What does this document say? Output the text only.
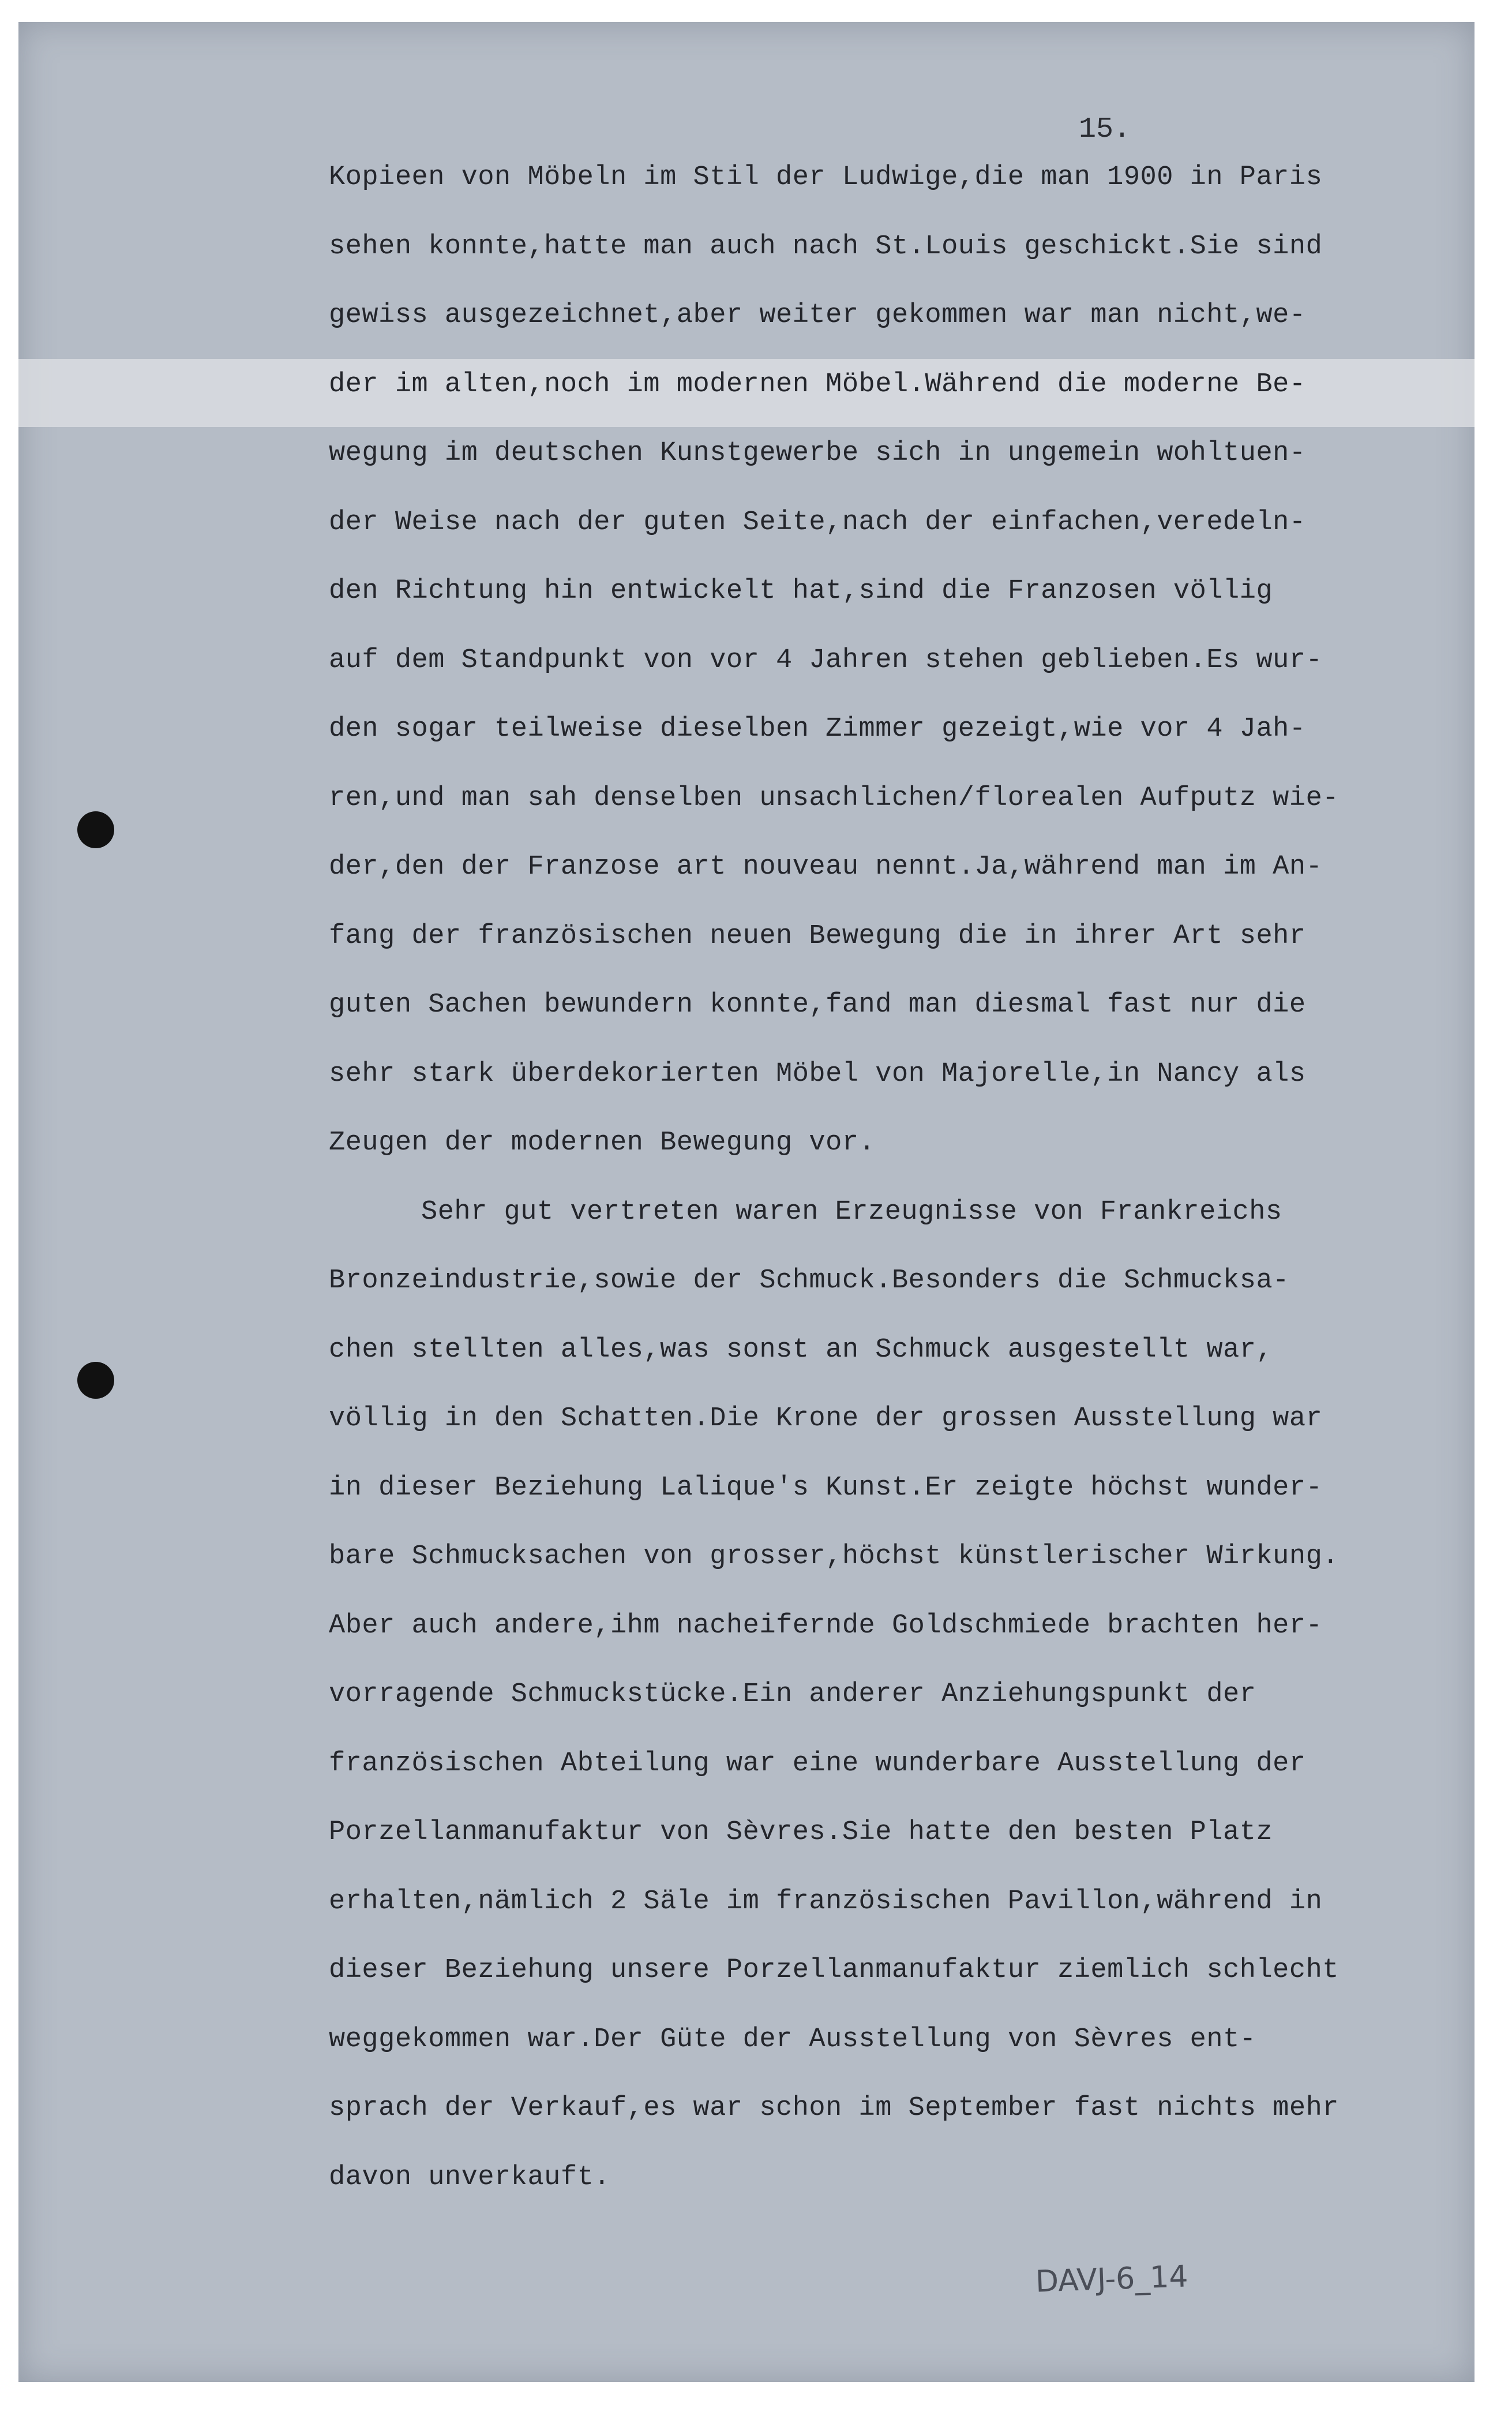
15.

Kopieen von Möbeln im Stil der Ludwige,die man 1900 in Paris
sehen konnte,hatte man auch nach St.Louis geschickt.Sie sind
gewiss ausgezeichnet,aber weiter gekommen war man nicht,we-
der im alten,noch im modernen Möbel.Während die moderne Be-
wegung im deutschen Kunstgewerbe sich in ungemein wohltuen-
der Weise nach der guten Seite,nach der einfachen,veredeln-
den Richtung hin entwickelt hat,sind die Franzosen völlig
auf dem Standpunkt von vor 4 Jahren stehen geblieben.Es wur-
den sogar teilweise dieselben Zimmer gezeigt,wie vor 4 Jah-
ren,und man sah denselben unsachlichen/florealen Aufputz wie-
der,den der Franzose art nouveau nennt.Ja,während man im An-
fang der französischen neuen Bewegung die in ihrer Art sehr
guten Sachen bewundern konnte,fand man diesmal fast nur die
sehr stark überdekorierten Möbel von Majorelle,in Nancy als
Zeugen der modernen Bewegung vor.
Sehr gut vertreten waren Erzeugnisse von Frankreichs
Bronzeindustrie,sowie der Schmuck.Besonders die Schmucksa-
chen stellten alles,was sonst an Schmuck ausgestellt war,
völlig in den Schatten.Die Krone der grossen Ausstellung war
in dieser Beziehung Lalique's Kunst.Er zeigte höchst wunder-
bare Schmucksachen von grosser,höchst künstlerischer Wirkung.
Aber auch andere,ihm nacheifernde Goldschmiede brachten her-
vorragende Schmuckstücke.Ein anderer Anziehungspunkt der
französischen Abteilung war eine wunderbare Ausstellung der
Porzellanmanufaktur von Sèvres.Sie hatte den besten Platz
erhalten,nämlich 2 Säle im französischen Pavillon,während in
dieser Beziehung unsere Porzellanmanufaktur ziemlich schlecht
weggekommen war.Der Güte der Ausstellung von Sèvres ent-
sprach der Verkauf,es war schon im September fast nichts mehr
davon unverkauft.

DAVJ-6_14
